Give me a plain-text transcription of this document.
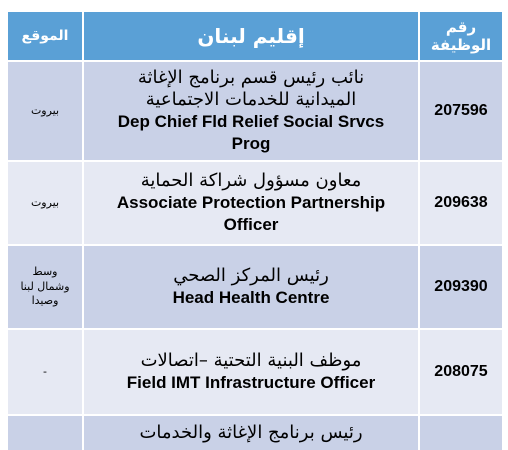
رقم الوظيفة	إقليم لبنان	الموقع
207596	نائب رئيس قسم برنامج الإغاثة
الميدانية للخدمات الاجتماعية
Dep Chief Fld Relief Social Srvcs
Prog	بيروت

209638	معاون مسؤول شراكة الحماية
Associate Protection Partnership
Officer	بيروت

209390	رئيس المركز الصحي
Head Health Centre	وسط
وشمال لبنا
وصيدا

208075	موظف البنية التحتية –اتصالات
Field IMT Infrastructure Officer	-

	رئيس برنامج الإغاثة والخدمات	
